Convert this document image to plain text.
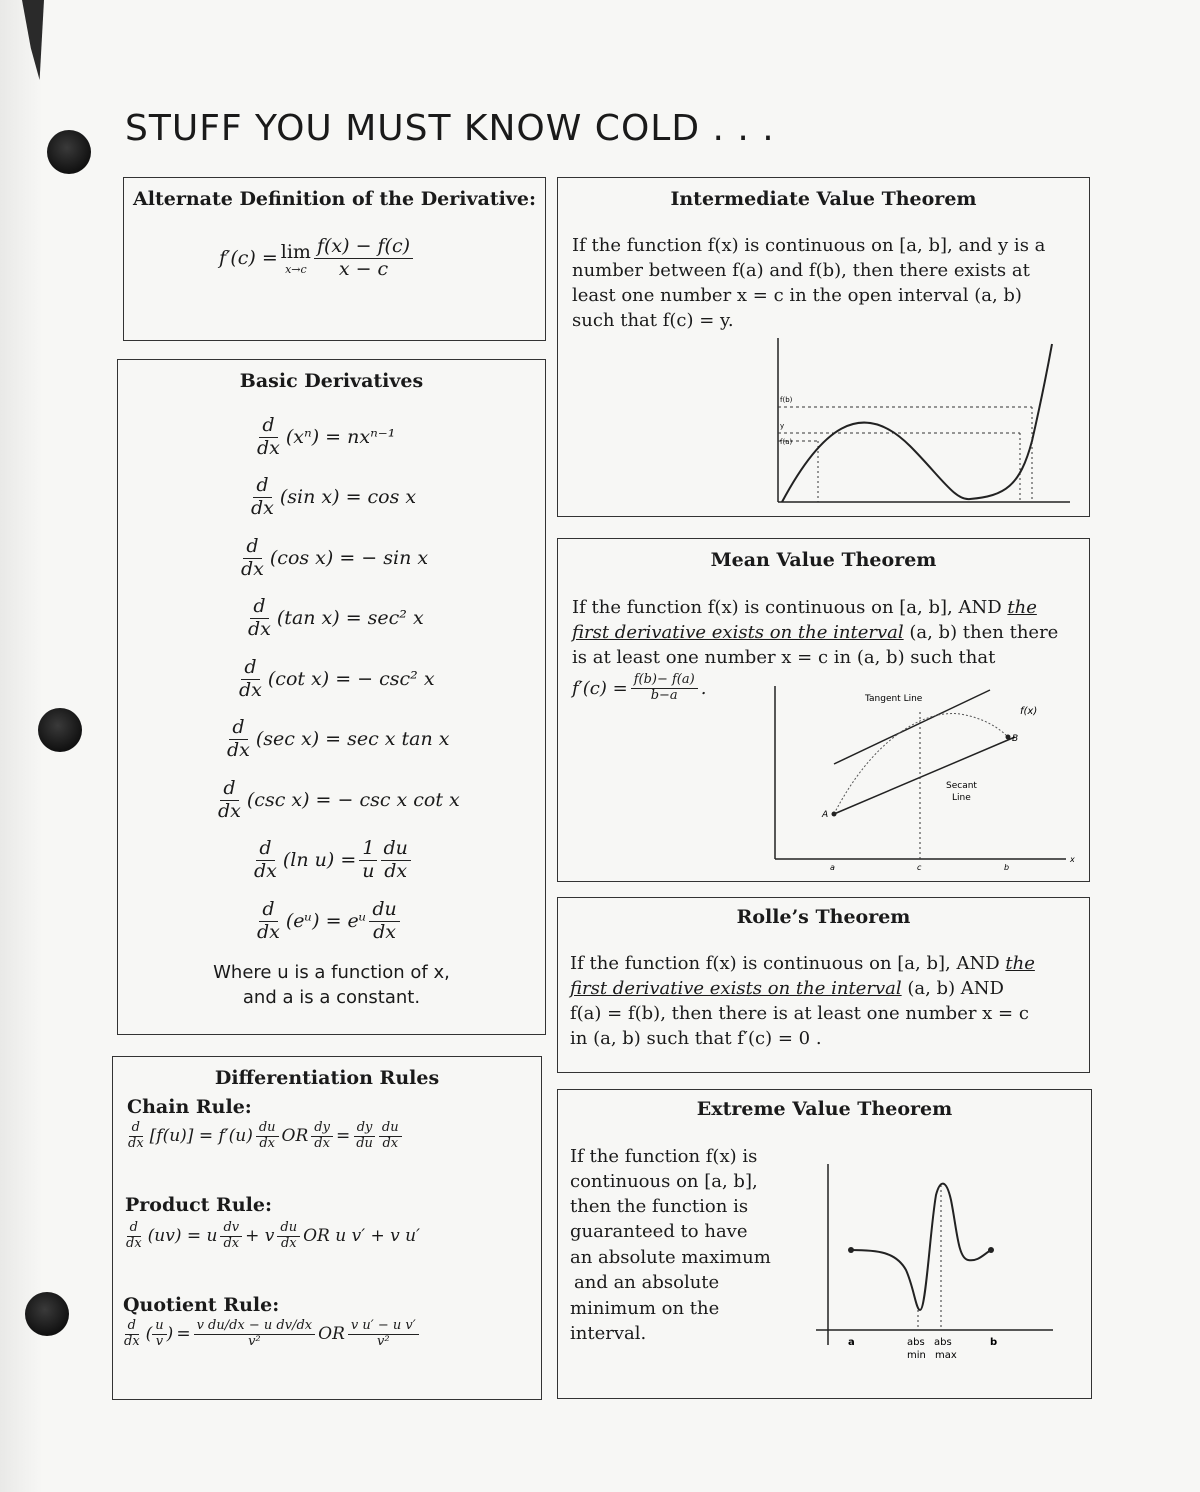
STUFF YOU MUST KNOW COLD . . .
Alternate Definition of the Derivative:
f′(c) = lim
$x\to c \frac{f(x) - f(c)}{x - c}$
Basic Derivatives
$\frac{d}{dx} (x^n) = nx^{n-1}$
$\frac{d}{dx} (\sin$ x) = cos x
$\frac{d}{dx} (\cos$ x) = − sin x
$\frac{d}{dx} (\tan$ x) = sec² x
$\frac{d}{dx} (\cot$ x) = − csc² x
$\frac{d}{dx} (\sec$ x) = sec x tan x
$\frac{d}{dx} (\csc$ x) = − csc x cot x
$\frac{d}{dx} (\ln$ $u) = \frac{1}{u} \frac{du}{dx}$
$\frac{d}{dx}$ (eᵘ) = eᵘ $\frac{du}{dx}$
Where u is a function of x,
and a is a constant.
Differentiation Rules
Chain Rule:
$\frac{d}{dx} [f(u)] = f'(u) \frac{du}{dx}$ OR $\frac{dy}{dx} = \frac{dy}{du} \frac{du}{dx}$
Product Rule:
$\frac{d}{dx} (uv) = u \frac{dv}{dx} + v \frac{du}{dx}$ OR u v′ + v u′
Quotient Rule:
$\frac{d}{dx}$ ( $\frac{u}{v}$ ) = $\frac{\text{v du/dx − u dv/dx}}{\text{v²}}$ OR $\frac{\text{v u′ − u v′}}{\text{v²}}$
Intermediate Value Theorem
If the function f(x) is continuous on [a, b], and y is a
number between f(a) and f(b), then there exists at
least one number x = c in the open interval (a, b)
such that f(c) = y.
f(b)
y
f(a)
Mean Value Theorem
If the function f(x) is continuous on [a, b], AND the
first derivative exists on the interval (a, b) then there
is at least one number x = c in (a, b) such that
$f'(c) = \frac{f(b)- f(a)}{b-a}$ .
Tangent Line
f(x)
B
A
Secant
Line
a	c	b
x
Rolle’s Theorem
If the function f(x) is continuous on [a, b], AND the
first derivative exists on the interval (a, b) AND
f(a) = f(b), then there is at least one number x = c
in (a, b) such that f′(c) = 0 .
Extreme Value Theorem
If the function f(x) is
continuous on [a, b],
then the function is
guaranteed to have
an absolute maximum
and an absolute
minimum on the
interval.	a	abs abs
min max
b
